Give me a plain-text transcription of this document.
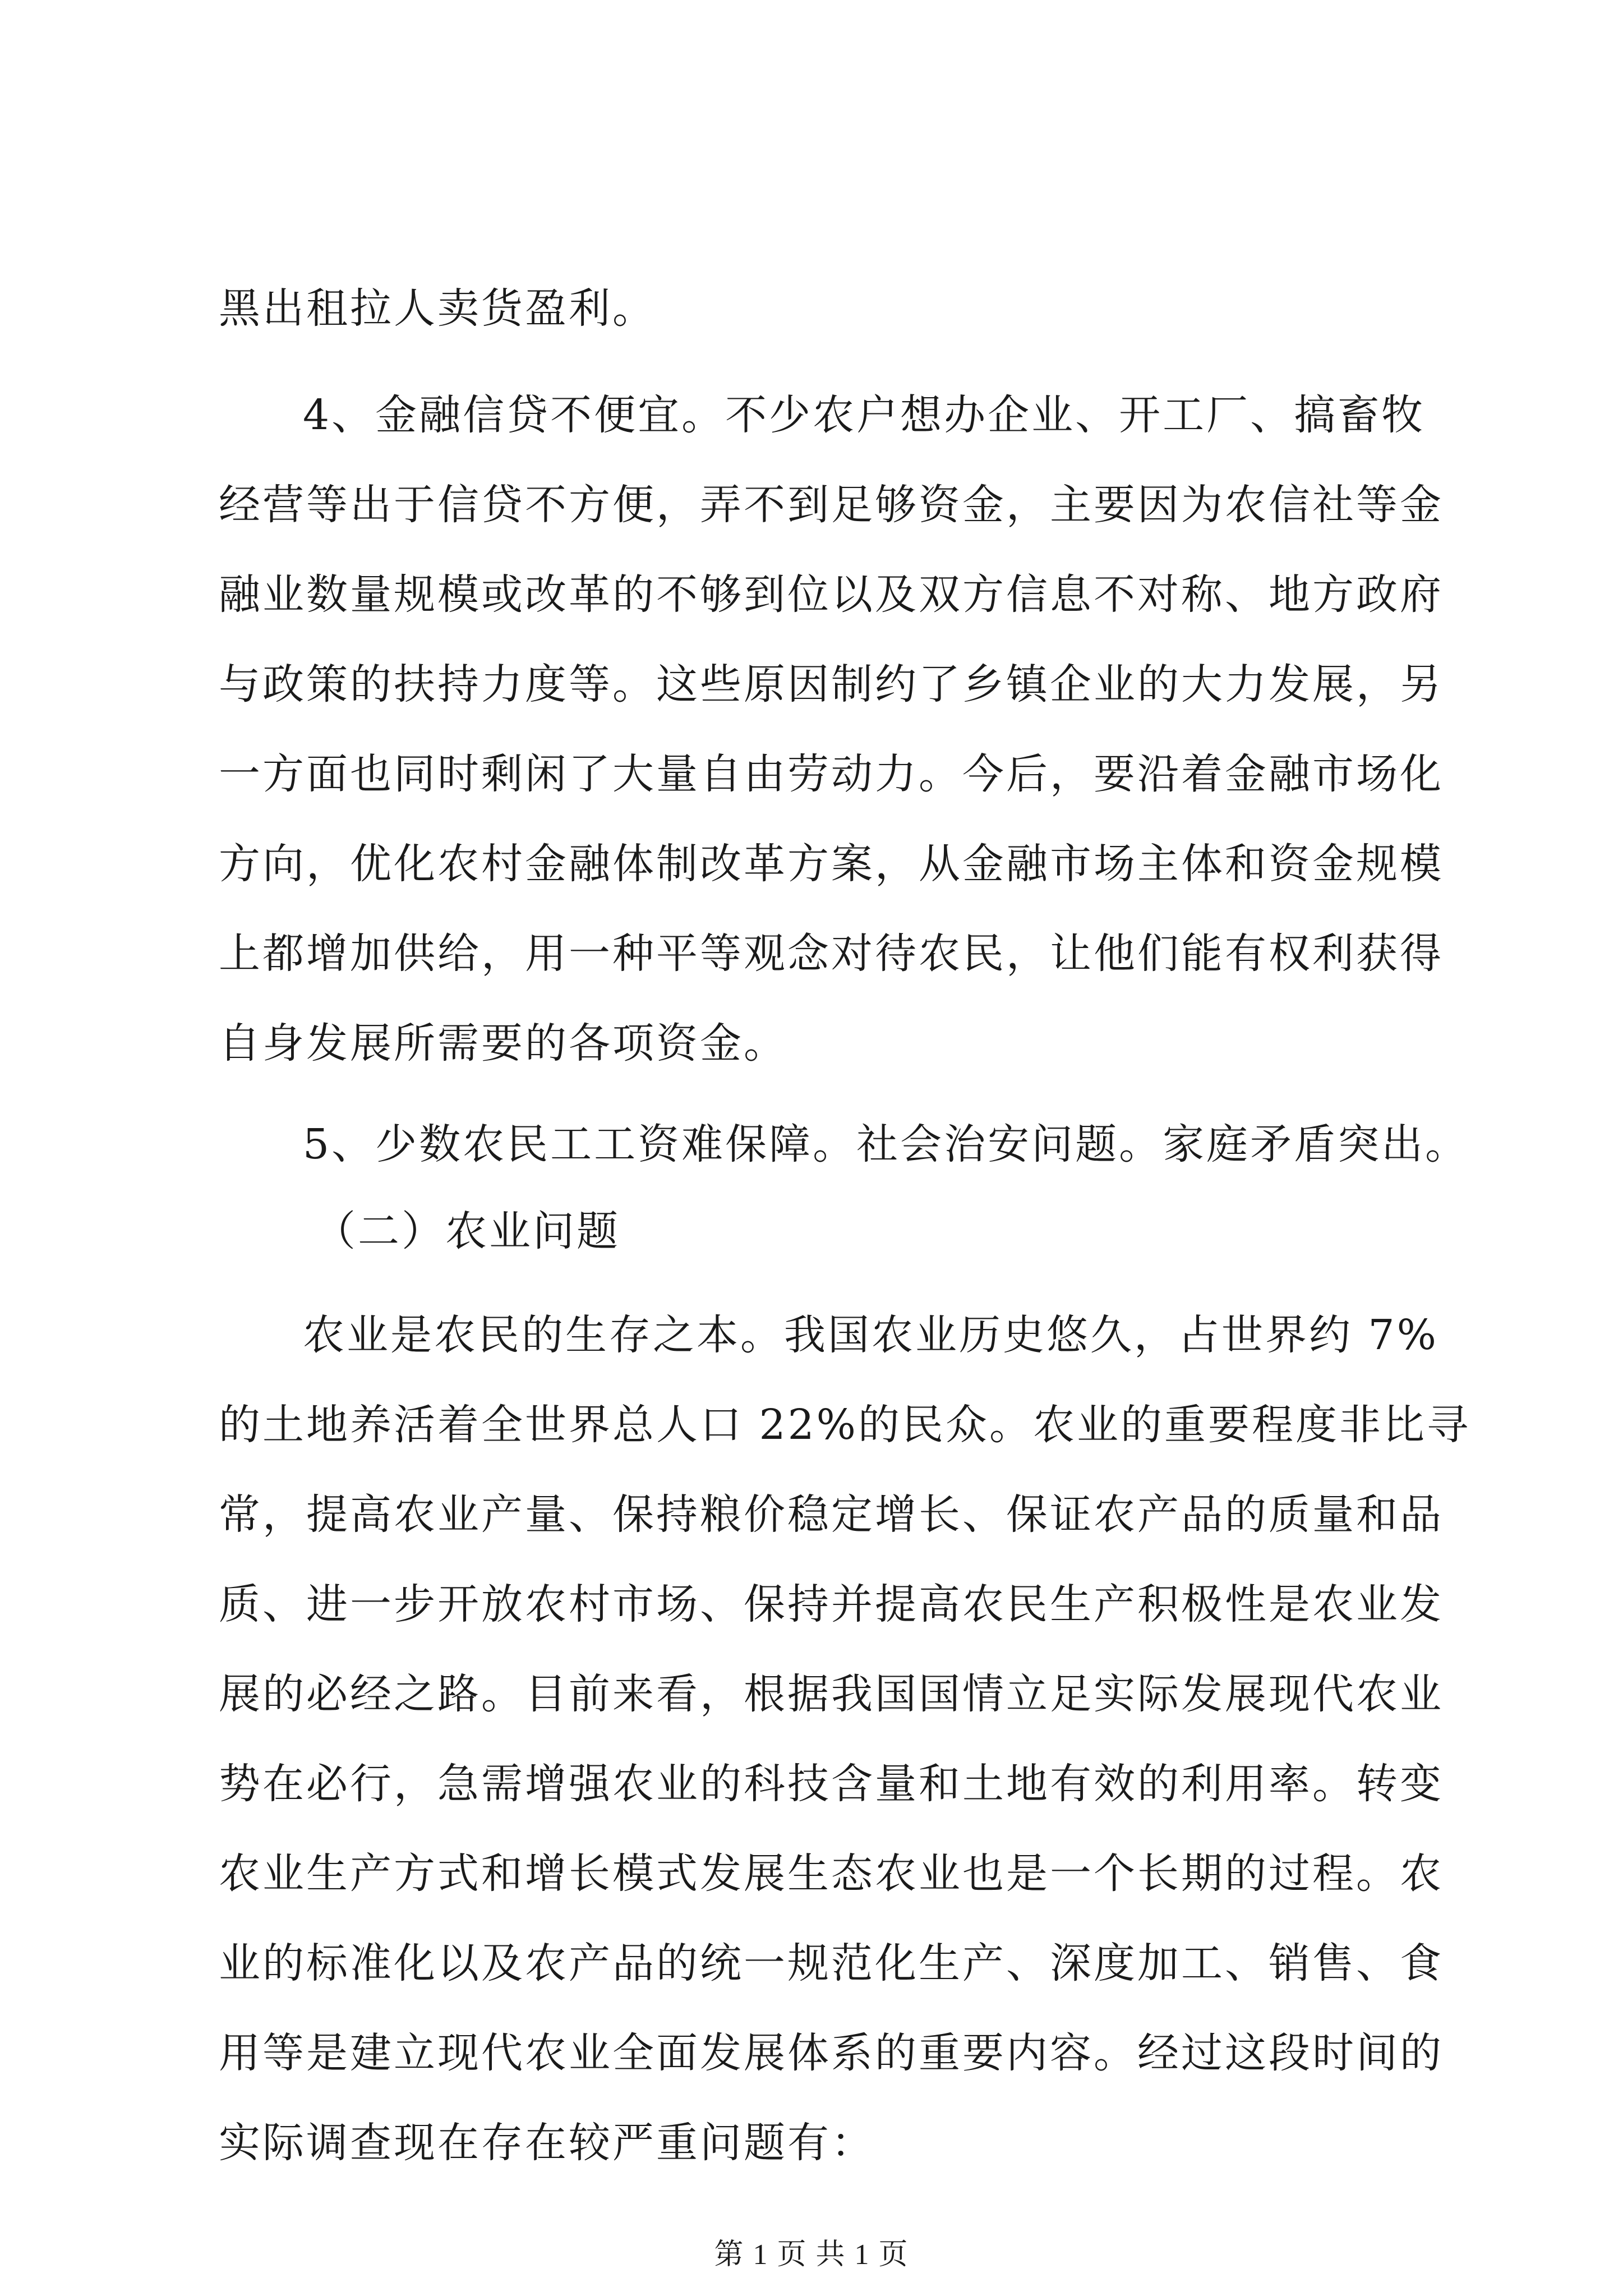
黑出租拉人卖货盈利。
4、金融信贷不便宜。不少农户想办企业、开工厂、搞畜牧
经营等出于信贷不方便，弄不到足够资金，主要因为农信社等金
融业数量规模或改革的不够到位以及双方信息不对称、地方政府
与政策的扶持力度等。这些原因制约了乡镇企业的大力发展，另
一方面也同时剩闲了大量自由劳动力。今后，要沿着金融市场化
方向，优化农村金融体制改革方案，从金融市场主体和资金规模
上都增加供给，用一种平等观念对待农民，让他们能有权利获得
自身发展所需要的各项资金。
5、少数农民工工资难保障。社会治安问题。家庭矛盾突出。
（二）农业问题
农业是农民的生存之本。我国农业历史悠久，占世界约 7%
的土地养活着全世界总人口 22%的民众。农业的重要程度非比寻
常，提高农业产量、保持粮价稳定增长、保证农产品的质量和品
质、进一步开放农村市场、保持并提高农民生产积极性是农业发
展的必经之路。目前来看，根据我国国情立足实际发展现代农业
势在必行，急需增强农业的科技含量和土地有效的利用率。转变
农业生产方式和增长模式发展生态农业也是一个长期的过程。农
业的标准化以及农产品的统一规范化生产、深度加工、销售、食
用等是建立现代农业全面发展体系的重要内容。经过这段时间的
实际调查现在存在较严重问题有：
第 1 页 共 1 页
